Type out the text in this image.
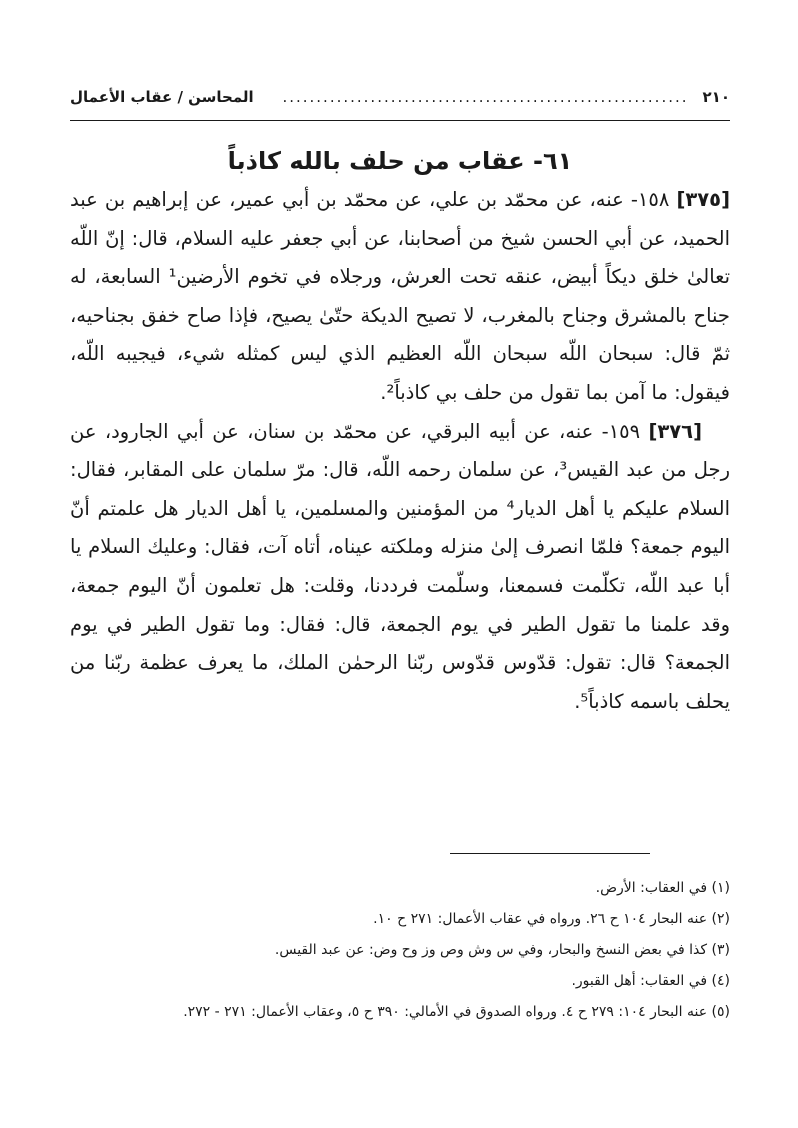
٢١٠
............................................................
المحاسن / عقاب الأعمال
٦١- عقاب من حلف بالله كاذباً

[٣٧٥] ١٥٨- عنه، عن محمّد بن علي، عن محمّد بن أبي عمير، عن إبراهيم بن عبد الحميد، عن أبي الحسن شيخ من أصحابنا، عن أبي جعفر عليه السلام، قال: إنّ اللّه تعالىٰ خلق ديكاً أبيض، عنقه تحت العرش، ورجلاه في تخوم الأرضين¹ السابعة، له جناح بالمشرق وجناح بالمغرب، لا تصيح الديكة حتّىٰ يصيح، فإذا صاح خفق بجناحيه، ثمّ قال: سبحان اللّه سبحان اللّه العظيم الذي ليس كمثله شيء، فيجيبه اللّه، فيقول: ما آمن بما تقول من حلف بي كاذباً².

[٣٧٦] ١٥٩- عنه، عن أبيه البرقي، عن محمّد بن سنان، عن أبي الجارود، عن رجل من عبد القيس³، عن سلمان رحمه اللّه، قال: مرّ سلمان على المقابر، فقال: السلام عليكم يا أهل الديار⁴ من المؤمنين والمسلمين، يا أهل الديار هل علمتم أنّ اليوم جمعة؟ فلمّا انصرف إلىٰ منزله وملكته عيناه، أتاه آت، فقال: وعليك السلام يا أبا عبد اللّه، تكلّمت فسمعنا، وسلّمت فرددنا، وقلت: هل تعلمون أنّ اليوم جمعة، وقد علمنا ما تقول الطير في يوم الجمعة، قال: فقال: وما تقول الطير في يوم الجمعة؟ قال: تقول: قدّوس قدّوس ربّنا الرحمٰن الملك، ما يعرف عظمة ربّنا من يحلف باسمه كاذباً⁵.

(١) في العقاب: الأرض.

(٢) عنه البحار ١٠٤ ح ٢٦. ورواه في عقاب الأعمال: ٢٧١ ح ١٠.

(٣) كذا في بعض النسخ والبحار، وفي س وش وص وز وح وض: عن عبد القيس.

(٤) في العقاب: أهل القبور.

(٥) عنه البحار ١٠٤: ٢٧٩ ح ٤. ورواه الصدوق في الأمالي: ٣٩٠ ح ٥، وعقاب الأعمال: ٢٧١ - ٢٧٢.
